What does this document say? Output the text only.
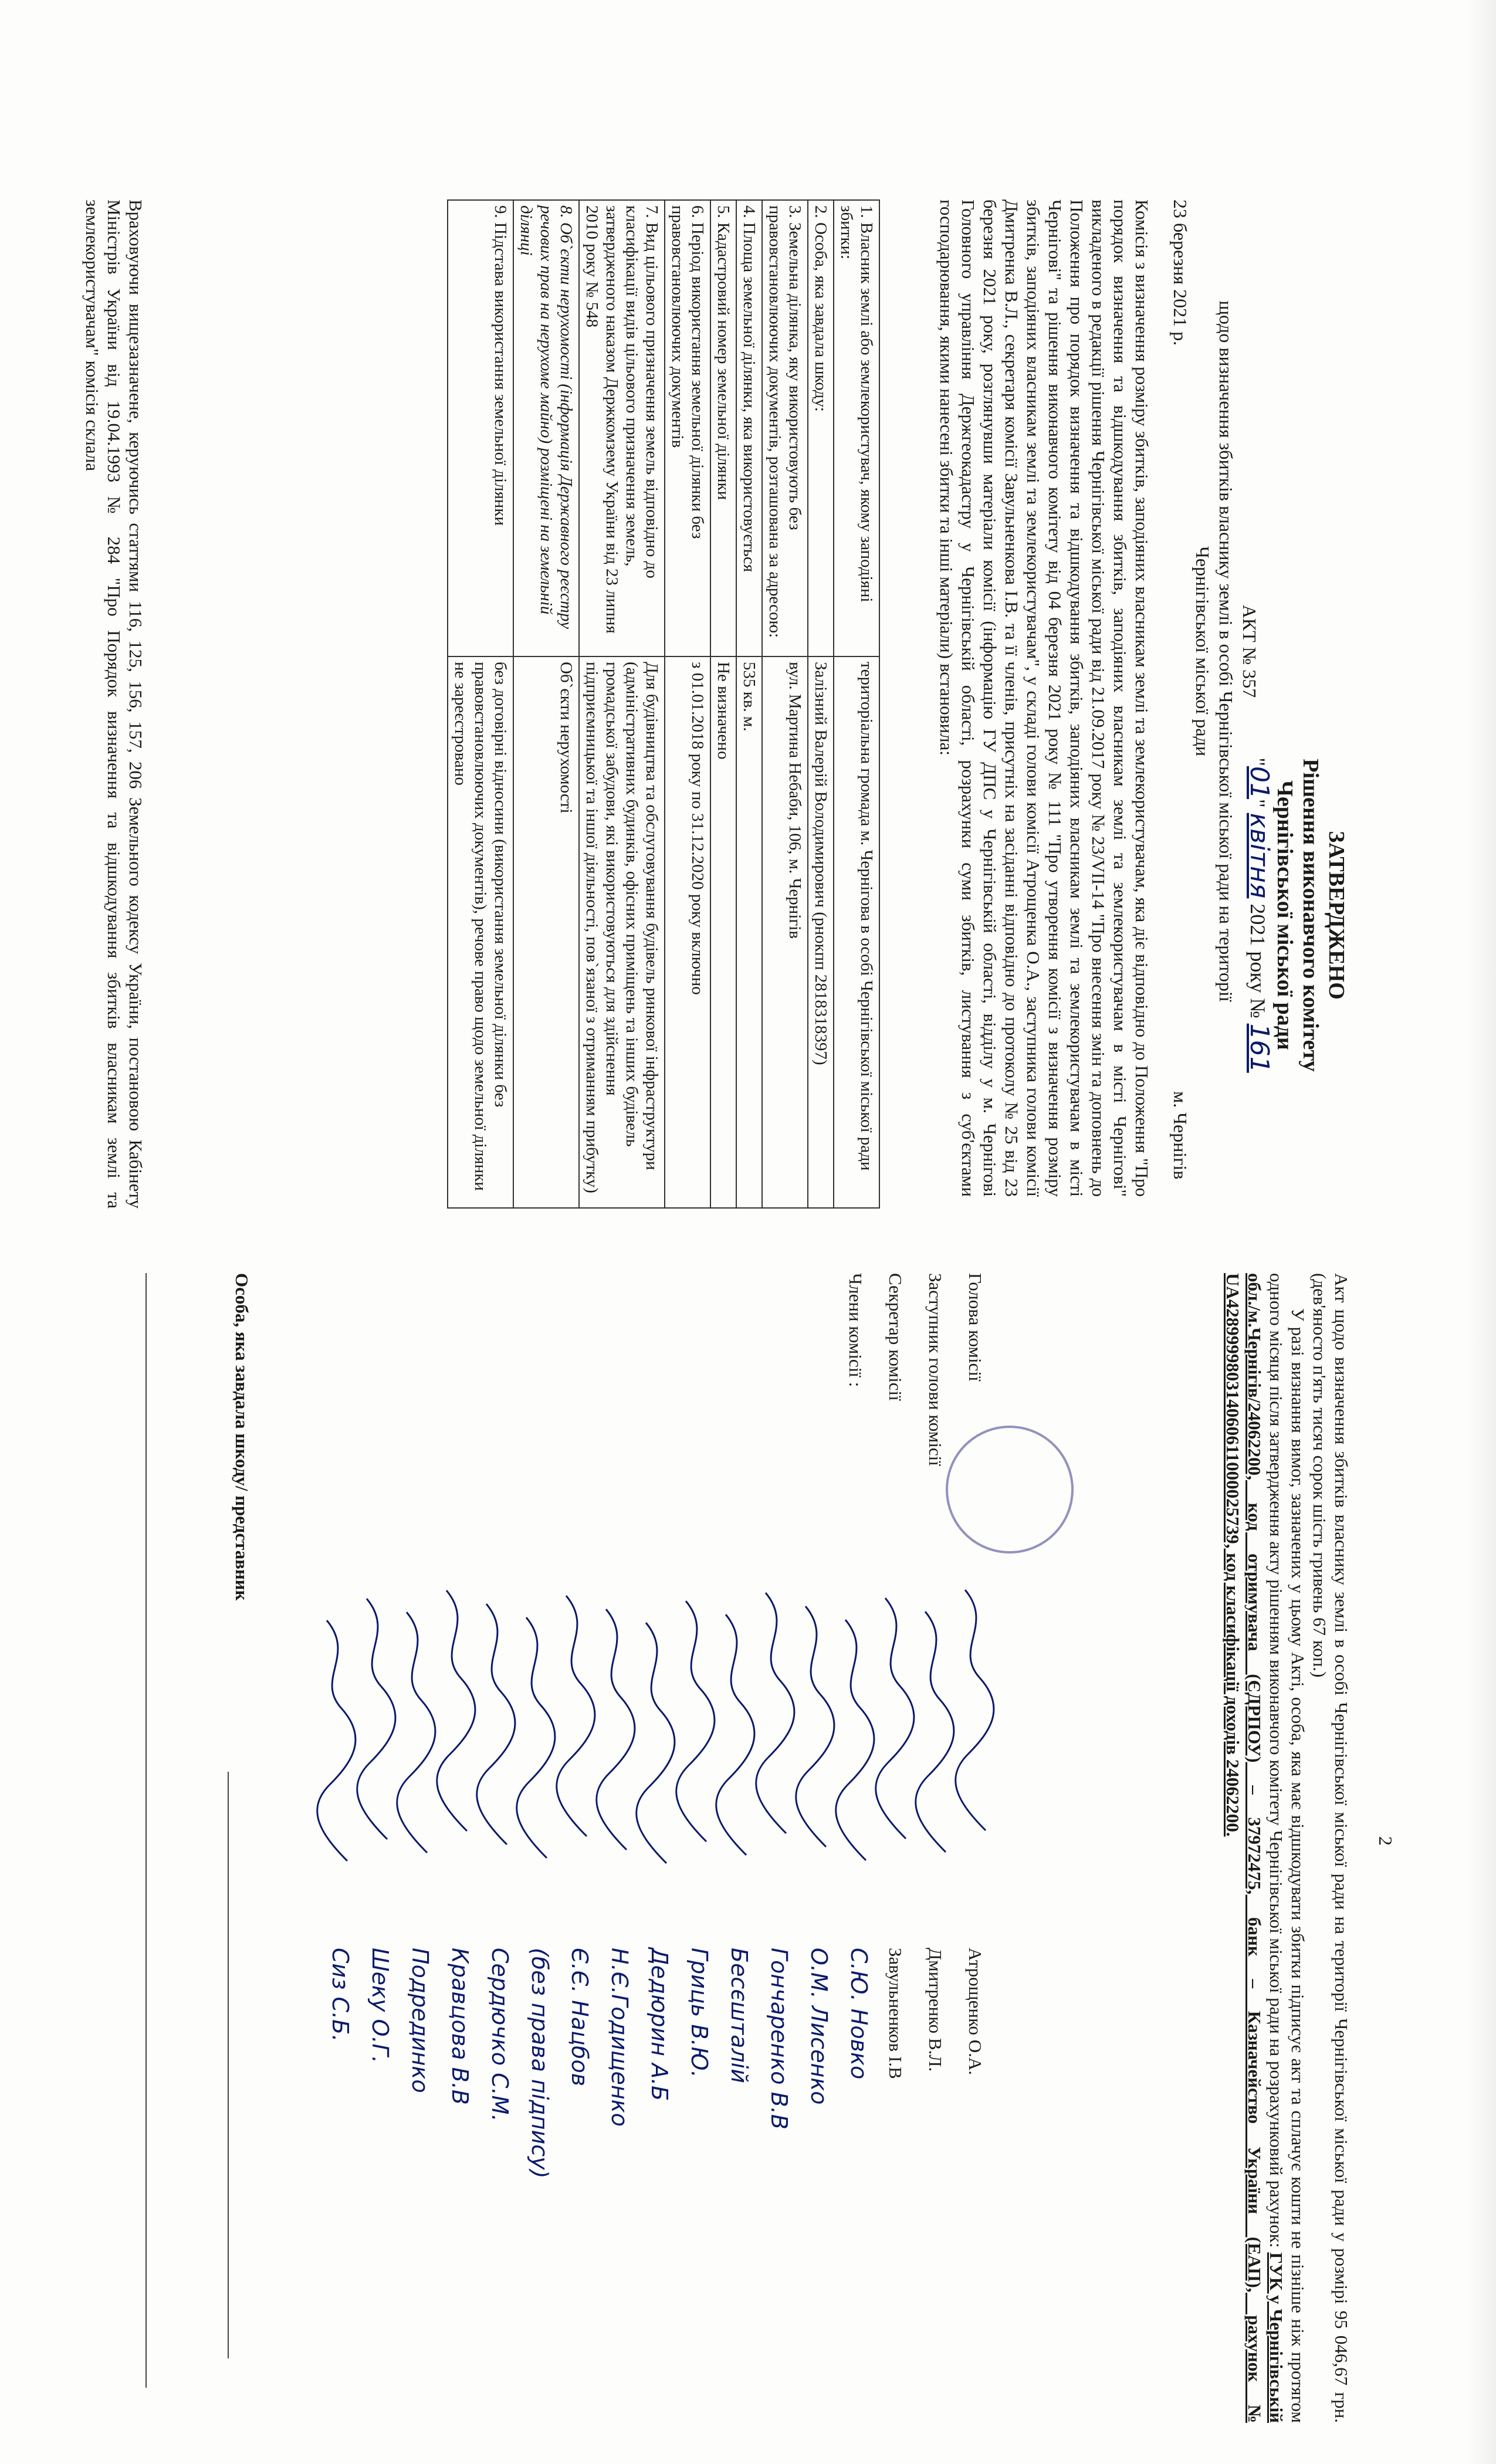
ЗАТВЕРДЖЕНО
Рішення виконавчого комітету
Чернігівської міської ради
"01" квітня 2021 року № 161
АКТ № 357
щодо визначення збитків власнику землі в особі Чернігівської міської ради на території
Чернігівської міської ради
23 березня 2021 р.
м. Чернігів

Комісія з визначення розміру збитків, заподіяних власникам землі та землекористувачам, яка діє відповідно до Положення "Про порядок визначення та відшкодування збитків, заподіяних власникам землі та землекористувачам в місті Чернігові" викладеного в редакції рішення Чернігівської міської ради від 21.09.2017 року № 23/VII-14 "Про внесення змін та доповнень до Положення про порядок визначення та відшкодування збитків, заподіяних власникам землі та землекористувачам в місті Чернігові" та рішення виконавчого комітету від 04 березня 2021 року № 111 "Про утворення комісії з визначення розміру збитків, заподіяних власникам землі та землекористувачам", у складі голови комісії Атрощенка О.А., заступника голови комісії Дмитренка В.Л., секретаря комісії Завульненкова І.В. та її членів, присутніх на засіданні відповідно до протоколу № 25 від 23 березня 2021 року, розглянувши матеріали комісії (інформацію ГУ ДПС у Чернігівській області, відділу у м. Чернігові Головного управління Держгеокадастру у Чернігівській області, розрахунки суми збитків, листування з суб'єктами господарювання, якими нанесені збитки та інші матеріали) встановила:

1. Власник землі або землекористувач, якому заподіяні збитки:	територіальна громада м. Чернігова в особі Чернігівської міської ради
2. Особа, яка завдала шкоду:	Залізний Валерій Володимирович (рнокпп 2818318397)
3. Земельна ділянка, яку використовують без правовстановлюючих документів, розташована за адресою:	вул. Мартина Небаби, 106, м. Чернігів
4. Площа земельної ділянки, яка використовується	535 кв. м.
5. Кадастровий номер земельної ділянки	Не визначено
6. Період використання земельної ділянки без правовстановлюючих документів	з 01.01.2018 року по 31.12.2020 року включно
7. Вид цільового призначення земель відповідно до класифікації видів цільового призначення земель, затвердженого наказом Держкомзему України від 23 липня 2010 року № 548	Для будівництва та обслуговування будівель ринкової інфраструктури (адміністративних будинків, офісних приміщень та інших будівель громадської забудови, які використовуються для здійснення підприємницької та іншої діяльності, пов`язаної з отриманням прибутку)
8. Об`єкти нерухомості (інформація Державного реєстру речових прав на нерухоме майно) розміщені на земельній ділянці	Об`єкти нерухомості
9. Підстава використання земельної ділянки	без договірні відносини (використання земельної ділянки без правовстановлюючих документів), речове право щодо земельної ділянки не зареєстровано

Враховуючи вищезазначене, керуючись статтями 116, 125, 156, 157, 206 Земельного кодексу України, постановою Кабінету Міністрів України від 19.04.1993 № 284 "Про Порядок визначення та відшкодування збитків власникам землі та землекористувачам" комісія склала

2

Акт щодо визначення збитків власнику землі в особі Чернігівської міської ради на території Чернігівської міської ради у розмірі 95 046,67 грн. (дев'яносто п'ять тисяч сорок шість гривень 67 коп.)

У разі визнання вимог, зазначених у цьому Акті, особа, яка має відшкодувати збитки підписує акт та сплачує кошти не пізніше ніж протягом одного місяця після затвердження акту рішенням виконавчого комітету Чернігівської міської ради на розрахунковий рахунок: ГУК у Чернігівській обл./м.Чернігів/24062200, код отримувача (ЄДРПОУ) – 37972475, банк – Казначейство України (ЕАП), рахунок № UA428999980314060611000025739, код класифікації доходів 24062200.

Голова комісії
Атрощенко О.А.
Заступник голови комісії
Дмитренко В.Л.
Секретар комісії
Завульненков І.В
Члени комісії :
С.Ю. Новко
О.М. Лисенко
Гончаренко В.В
Бесєшталій
Гриць В.Ю.
Дедюрин А.Б
Н.Є.Годищенко
Є.Є. Нацбов
(без права підпису)
Сердючко С.М.
Кравцова В.В
Подрединко
Шеку О.Г.
Сиз С.Б.
Особа, яка завдала шкоду/ представник
